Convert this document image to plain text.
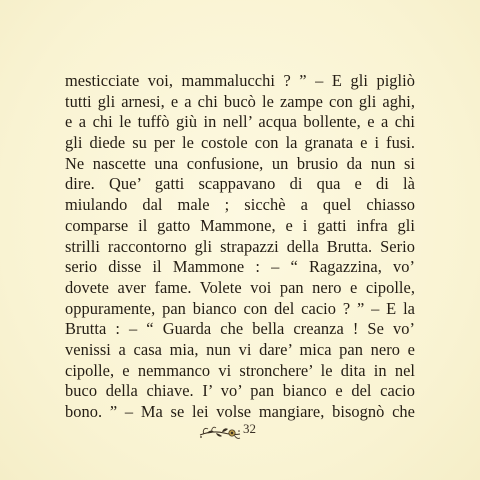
mesticciate voi, mammalucchi ? ” – E gli pigliò
tutti gli arnesi, e a chi bucò le zampe con gli aghi,
e a chi le tuffò giù in nell’ acqua bollente, e a chi
gli diede su per le costole con la granata e i fusi.
Ne nascette una confusione, un brusio da nun si
dire. Que’ gatti scappavano di qua e di là
miulando dal male ; sicchè a quel chiasso
comparse il gatto Mammone, e i gatti infra gli
strilli raccontorno gli strapazzi della Brutta. Serio
serio disse il Mammone : – “ Ragazzina, vo’
dovete aver fame. Volete voi pan nero e cipolle,
oppuramente, pan bianco con del cacio ? ” – E la
Brutta : – “ Guarda che bella creanza ! Se vo’
venissi a casa mia, nun vi dare’ mica pan nero e
cipolle, e nemmanco vi stronchere’ le dita in nel
buco della chiave. I’ vo’ pan bianco e del cacio
bono. ” – Ma se lei volse mangiare, bisognò che
32
